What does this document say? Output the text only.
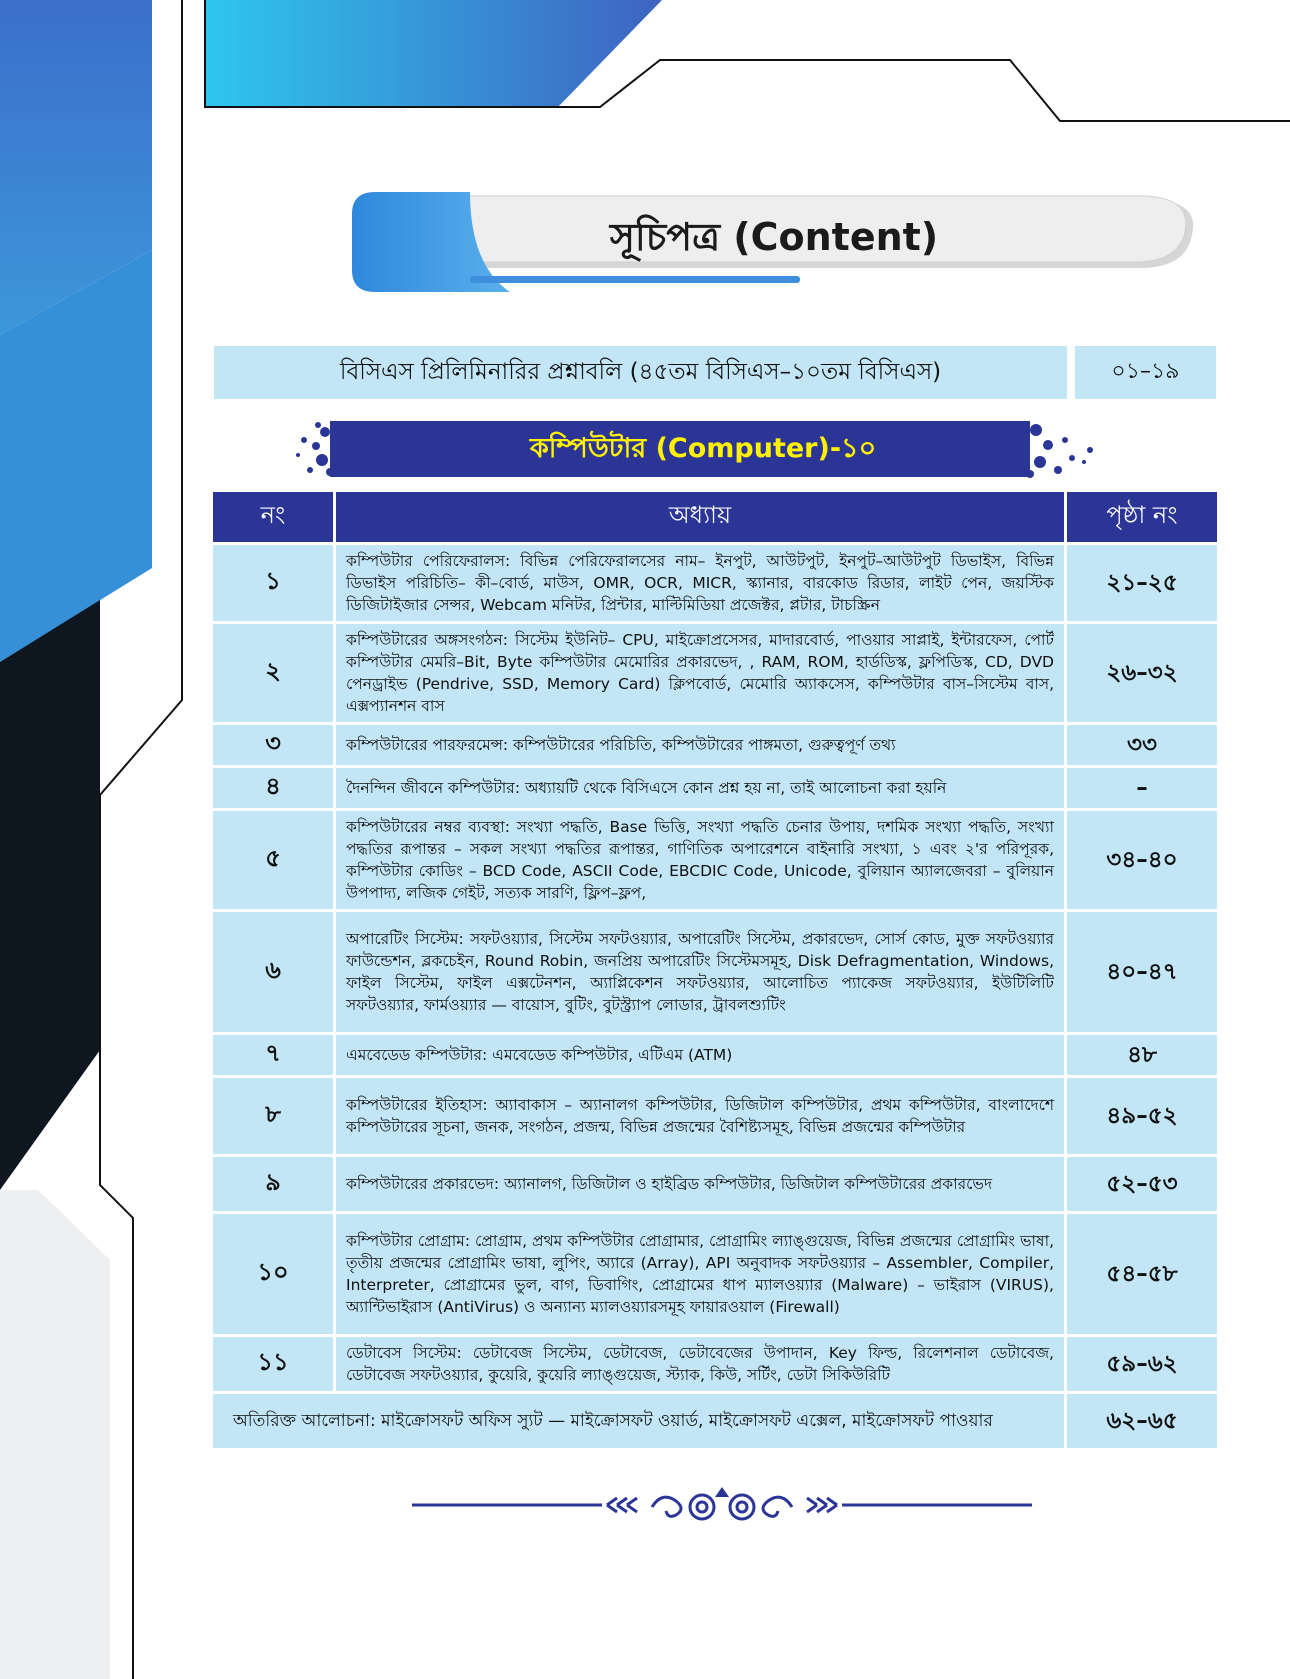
সূচিপত্র (Content)
বিসিএস প্রিলিমিনারির প্রশ্নাবলি (৪৫তম বিসিএস–১০তম বিসিএস)	০১–১৯
কম্পিউটার (Computer)-১০
নং	অধ্যায়	পৃষ্ঠা নং
১	কম্পিউটার পেরিফেরালস: বিভিন্ন পেরিফেরালসের নাম– ইনপুট, আউটপুট, ইনপুট–আউটপুট ডিভাইস, বিভিন্ন ডিভাইস পরিচিতি– কী–বোর্ড, মাউস, OMR, OCR, MICR, স্ক্যানার, বারকোড রিডার, লাইট পেন, জয়স্টিক ডিজিটাইজার সেন্সর, Webcam মনিটর, প্রিন্টার, মাল্টিমিডিয়া প্রজেক্টর, প্লটার, টাচস্ক্রিন	২১–২৫
২	কম্পিউটারের অঙ্গসংগঠন: সিস্টেম ইউনিট– CPU, মাইক্রোপ্রসেসর, মাদারবোর্ড, পাওয়ার সাপ্লাই, ইন্টারফেস, পোর্ট কম্পিউটার মেমরি–Bit, Byte কম্পিউটার মেমোরির প্রকারভেদ, , RAM, ROM, হার্ডডিস্ক, ফ্লপিডিস্ক, CD, DVD পেনড্রাইভ (Pendrive, SSD, Memory Card) ক্লিপবোর্ড, মেমোরি অ্যাকসেস, কম্পিউটার বাস–সিস্টেম বাস, এক্সপ্যানশন বাস	২৬–৩২
৩	কম্পিউটারের পারফরমেন্স: কম্পিউটারের পরিচিতি, কম্পিউটারের পাঙ্গমতা, গুরুত্বপূর্ণ তথ্য	৩৩
৪	দৈনন্দিন জীবনে কম্পিউটার: অধ্যায়টি থেকে বিসিএসে কোন প্রশ্ন হয় না, তাই আলোচনা করা হয়নি	–
৫	কম্পিউটারের নম্বর ব্যবস্থা: সংখ্যা পদ্ধতি, Base ভিত্তি, সংখ্যা পদ্ধতি চেনার উপায়, দশমিক সংখ্যা পদ্ধতি, সংখ্যা পদ্ধতির রূপান্তর – সকল সংখ্যা পদ্ধতির রূপান্তর, গাণিতিক অপারেশনে বাইনারি সংখ্যা, ১ এবং ২'র পরিপূরক, কম্পিউটার কোডিং – BCD Code, ASCII Code, EBCDIC Code, Unicode, বুলিয়ান অ্যালজেবরা – বুলিয়ান উপপাদ্য, লজিক গেইট, সত্যক সারণি, ফ্লিপ–ফ্লপ,	৩৪–৪০
৬	অপারেটিং সিস্টেম: সফটওয়্যার, সিস্টেম সফটওয়্যার, অপারেটিং সিস্টেম, প্রকারভেদ, সোর্স কোড, মুক্ত সফটওয়্যার ফাউন্ডেশন, ব্লকচেইন, Round Robin, জনপ্রিয় অপারেটিং সিস্টেমসমূহ, Disk Defragmentation, Windows, ফাইল সিস্টেম, ফাইল এক্সটেনশন, অ্যাপ্লিকেশন সফটওয়্যার, আলোচিত প্যাকেজ সফটওয়্যার, ইউটিলিটি সফটওয়্যার, ফার্মওয়্যার — বায়োস, বুটিং, বুটস্ট্র্যাপ লোডার, ট্রাবলশ্যুটিং	৪০–৪৭
৭	এমবেডেড কম্পিউটার: এমবেডেড কম্পিউটার, এটিএম (ATM)	৪৮
৮	কম্পিউটারের ইতিহাস: অ্যাবাকাস – অ্যানালগ কম্পিউটার, ডিজিটাল কম্পিউটার, প্রথম কম্পিউটার, বাংলাদেশে কম্পিউটারের সূচনা, জনক, সংগঠন, প্রজন্ম, বিভিন্ন প্রজন্মের বৈশিষ্ট্যসমূহ, বিভিন্ন প্রজন্মের কম্পিউটার	৪৯–৫২
৯	কম্পিউটারের প্রকারভেদ: অ্যানালগ, ডিজিটাল ও হাইব্রিড কম্পিউটার, ডিজিটাল কম্পিউটারের প্রকারভেদ	৫২–৫৩
১০	কম্পিউটার প্রোগ্রাম: প্রোগ্রাম, প্রথম কম্পিউটার প্রোগ্রামার, প্রোগ্রামিং ল্যাঙ্গুয়েজ, বিভিন্ন প্রজন্মের প্রোগ্রামিং ভাষা, তৃতীয় প্রজন্মের প্রোগ্রামিং ভাষা, লুপিং, অ্যারে (Array), API অনুবাদক সফটওয়্যার – Assembler, Compiler, Interpreter, প্রোগ্রামের ভুল, বাগ, ডিবাগিং, প্রোগ্রামের ধাপ ম্যালওয়্যার (Malware) – ভাইরাস (VIRUS), অ্যান্টিভাইরাস (AntiVirus) ও অন্যান্য ম্যালওয়্যারসমূহ ফায়ারওয়াল (Firewall)	৫৪–৫৮
১১	ডেটাবেস সিস্টেম: ডেটাবেজ সিস্টেম, ডেটাবেজ, ডেটাবেজের উপাদান, Key ফিল্ড, রিলেশনাল ডেটাবেজ, ডেটাবেজ সফটওয়্যার, কুয়েরি, কুয়েরি ল্যাঙ্গুয়েজ, স্ট্যাক, কিউ, সর্টিং, ডেটা সিকিউরিটি	৫৯–৬২
অতিরিক্ত আলোচনা: মাইক্রোসফট অফিস স্যুট — মাইক্রোসফট ওয়ার্ড, মাইক্রোসফট এক্সেল, মাইক্রোসফট পাওয়ার		৬২–৬৫
